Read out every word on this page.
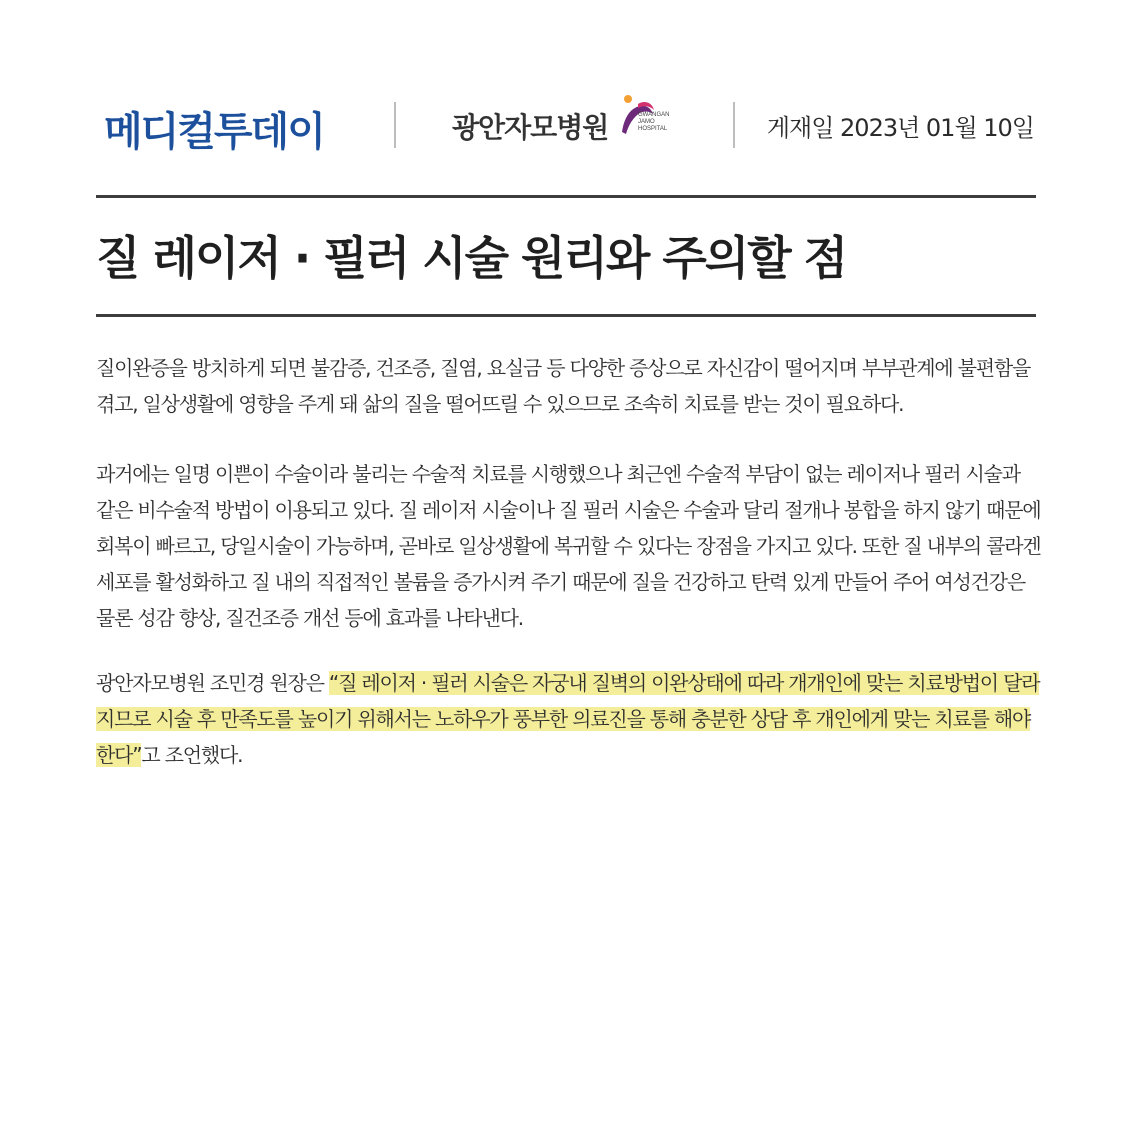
메디컬투데이	광안자모병원	GWANGAN
JAMO
HOSPITAL	게재일 2023년 01월 10일
질 레이저 · 필러 시술 원리와 주의할 점

질이완증을 방치하게 되면 불감증, 건조증, 질염, 요실금 등 다양한 증상으로 자신감이 떨어지며 부부관계에 불편함을 겪고, 일상생활에 영향을 주게 돼 삶의 질을 떨어뜨릴 수 있으므로 조속히 치료를 받는 것이 필요하다.

과거에는 일명 이쁜이 수술이라 불리는 수술적 치료를 시행했으나 최근엔 수술적 부담이 없는 레이저나 필러 시술과 같은 비수술적 방법이 이용되고 있다. 질 레이저 시술이나 질 필러 시술은 수술과 달리 절개나 봉합을 하지 않기 때문에 회복이 빠르고, 당일시술이 가능하며, 곧바로 일상생활에 복귀할 수 있다는 장점을 가지고 있다. 또한 질 내부의 콜라겐 세포를 활성화하고 질 내의 직접적인 볼륨을 증가시켜 주기 때문에 질을 건강하고 탄력 있게 만들어 주어 여성건강은 물론 성감 향상, 질건조증 개선 등에 효과를 나타낸다.

광안자모병원 조민경 원장은 “질 레이저 · 필러 시술은 자궁내 질벽의 이완상태에 따라 개개인에 맞는 치료방법이 달라지므로 시술 후 만족도를 높이기 위해서는 노하우가 풍부한 의료진을 통해 충분한 상담 후 개인에게 맞는 치료를 해야 한다”고 조언했다.
